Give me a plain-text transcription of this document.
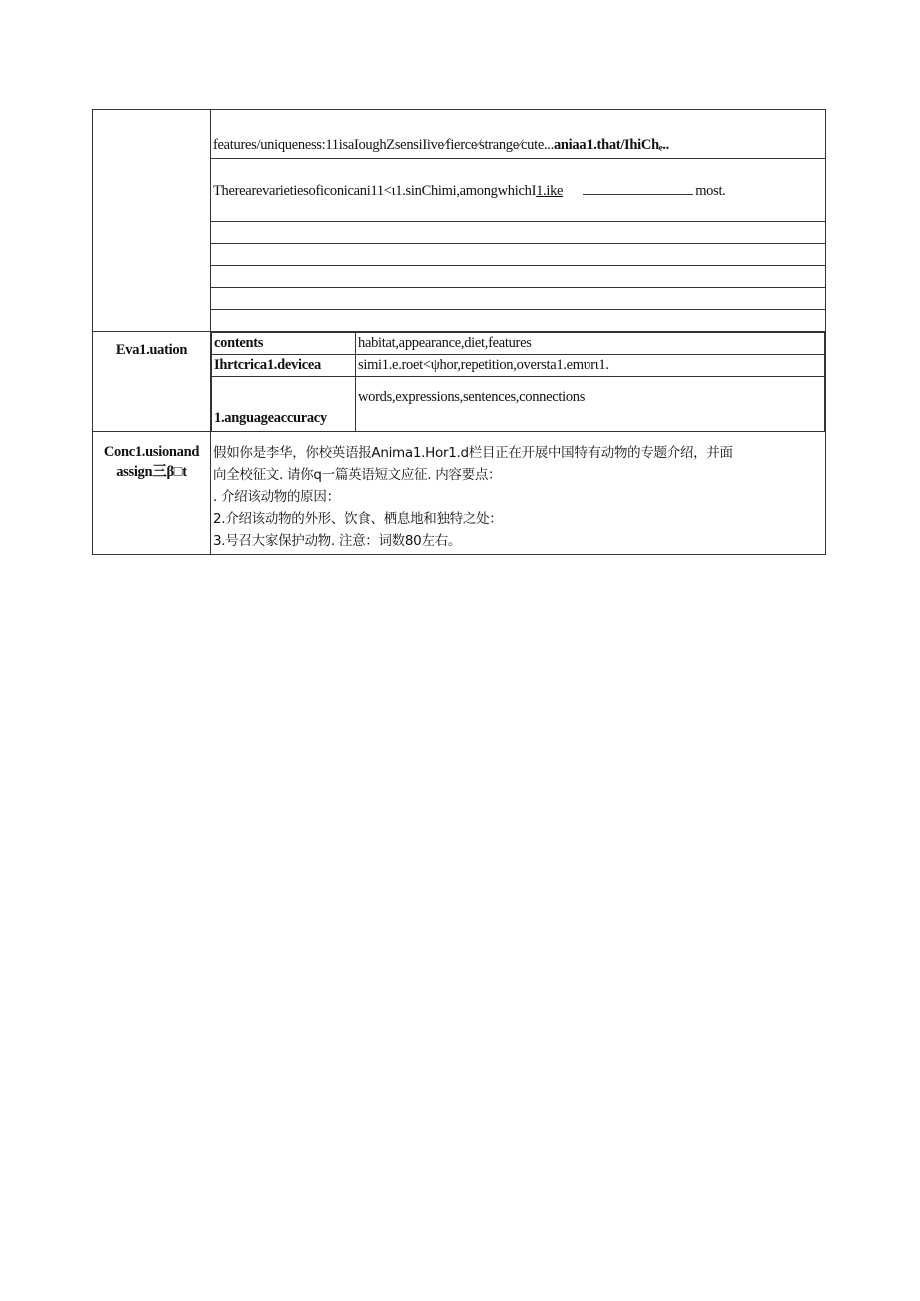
	features/uniqueness:11isaIoughZsensiIive⁄fierce⁄strange⁄cute...aniaa1.that/IhiChₑ..
Therearevarietiesoficonicani11<ι1.sinChimi,amongwhichI1.ike	most.

Eva1.uation	contents	habitat,appearance,diet,features
Ihrtcrica1.devicea	simi1.e.roet<ψhor,repetition,oversta1.emʋrι1.
1.anguageaccuracy	words,expressions,sentences,connections

Conc1.usionand
assign三β□t

假如你是李华，你校英语报Anima1.Hor1.d栏目正在开展中国特有动物的专题介绍，并面
向全校征文. 请你q一篇英语短文应征. 内容要点：
. 介绍该动物的原因：
2.介绍该动物的外形、饮食、栖息地和独特之处：
3.号召大家保护动物. 注意：词数80左右。
